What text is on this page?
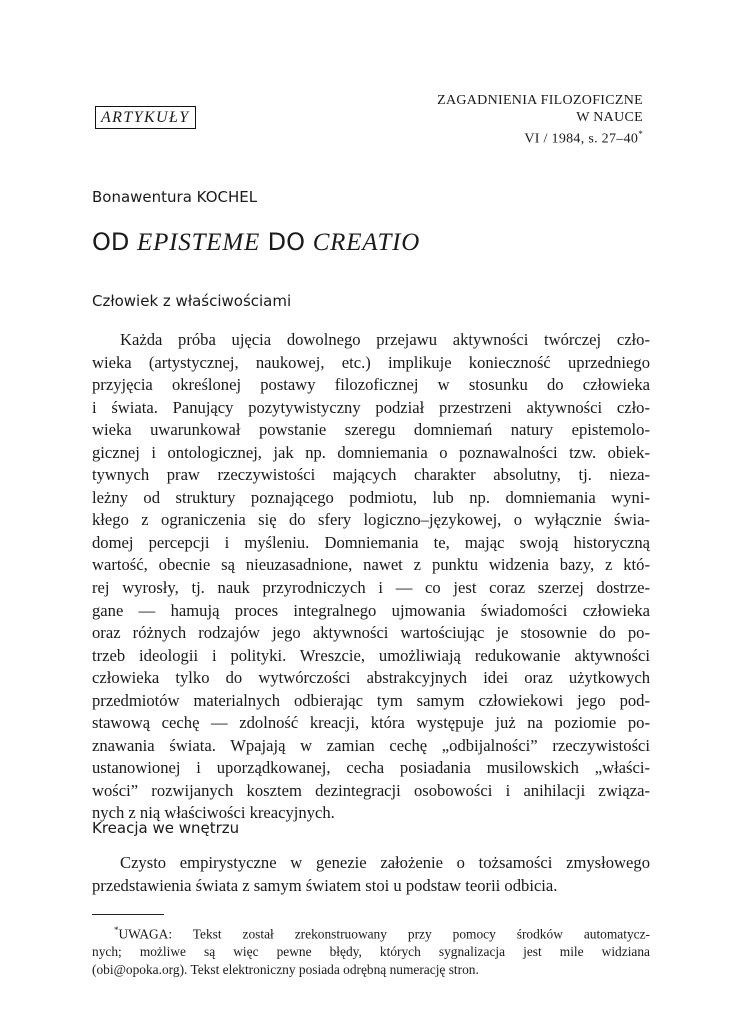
ZAGADNIENIA FILOZOFICZNE
W NAUCE
VI / 1984, s. 27–40*
ARTYKUŁY
Bonawentura KOCHEL
OD EPISTEME DO CREATIO
Człowiek z właściwościami
Każda próba ujęcia dowolnego przejawu aktywności twórczej czło-
wieka (artystycznej, naukowej, etc.) implikuje konieczność uprzedniego
przyjęcia określonej postawy filozoficznej w stosunku do człowieka
i świata. Panujący pozytywistyczny podział przestrzeni aktywności czło-
wieka uwarunkował powstanie szeregu domniemań natury epistemolo-
gicznej i ontologicznej, jak np. domniemania o poznawalności tzw. obiek-
tywnych praw rzeczywistości mających charakter absolutny, tj. nieza-
leżny od struktury poznającego podmiotu, lub np. domniemania wyni-
kłego z ograniczenia się do sfery logiczno–językowej, o wyłącznie świa-
domej percepcji i myśleniu. Domniemania te, mając swoją historyczną
wartość, obecnie są nieuzasadnione, nawet z punktu widzenia bazy, z któ-
rej wyrosły, tj. nauk przyrodniczych i — co jest coraz szerzej dostrze-
gane — hamują proces integralnego ujmowania świadomości człowieka
oraz różnych rodzajów jego aktywności wartościując je stosownie do po-
trzeb ideologii i polityki. Wreszcie, umożliwiają redukowanie aktywności
człowieka tylko do wytwórczości abstrakcyjnych idei oraz użytkowych
przedmiotów materialnych odbierając tym samym człowiekowi jego pod-
stawową cechę — zdolność kreacji, która występuje już na poziomie po-
znawania świata. Wpajają w zamian cechę „odbijalności” rzeczywistości
ustanowionej i uporządkowanej, cecha posiadania musilowskich „właści-
wości” rozwijanych kosztem dezintegracji osobowości i anihilacji związa-
nych z nią właściwości kreacyjnych.
Kreacja we wnętrzu
Czysto empirystyczne w genezie założenie o tożsamości zmysłowego
przedstawienia świata z samym światem stoi u podstaw teorii odbicia.
*UWAGA: Tekst został zrekonstruowany przy pomocy środków automatycz-
nych; możliwe są więc pewne błędy, których sygnalizacja jest mile widziana
(obi@opoka.org). Tekst elektroniczny posiada odrębną numerację stron.
